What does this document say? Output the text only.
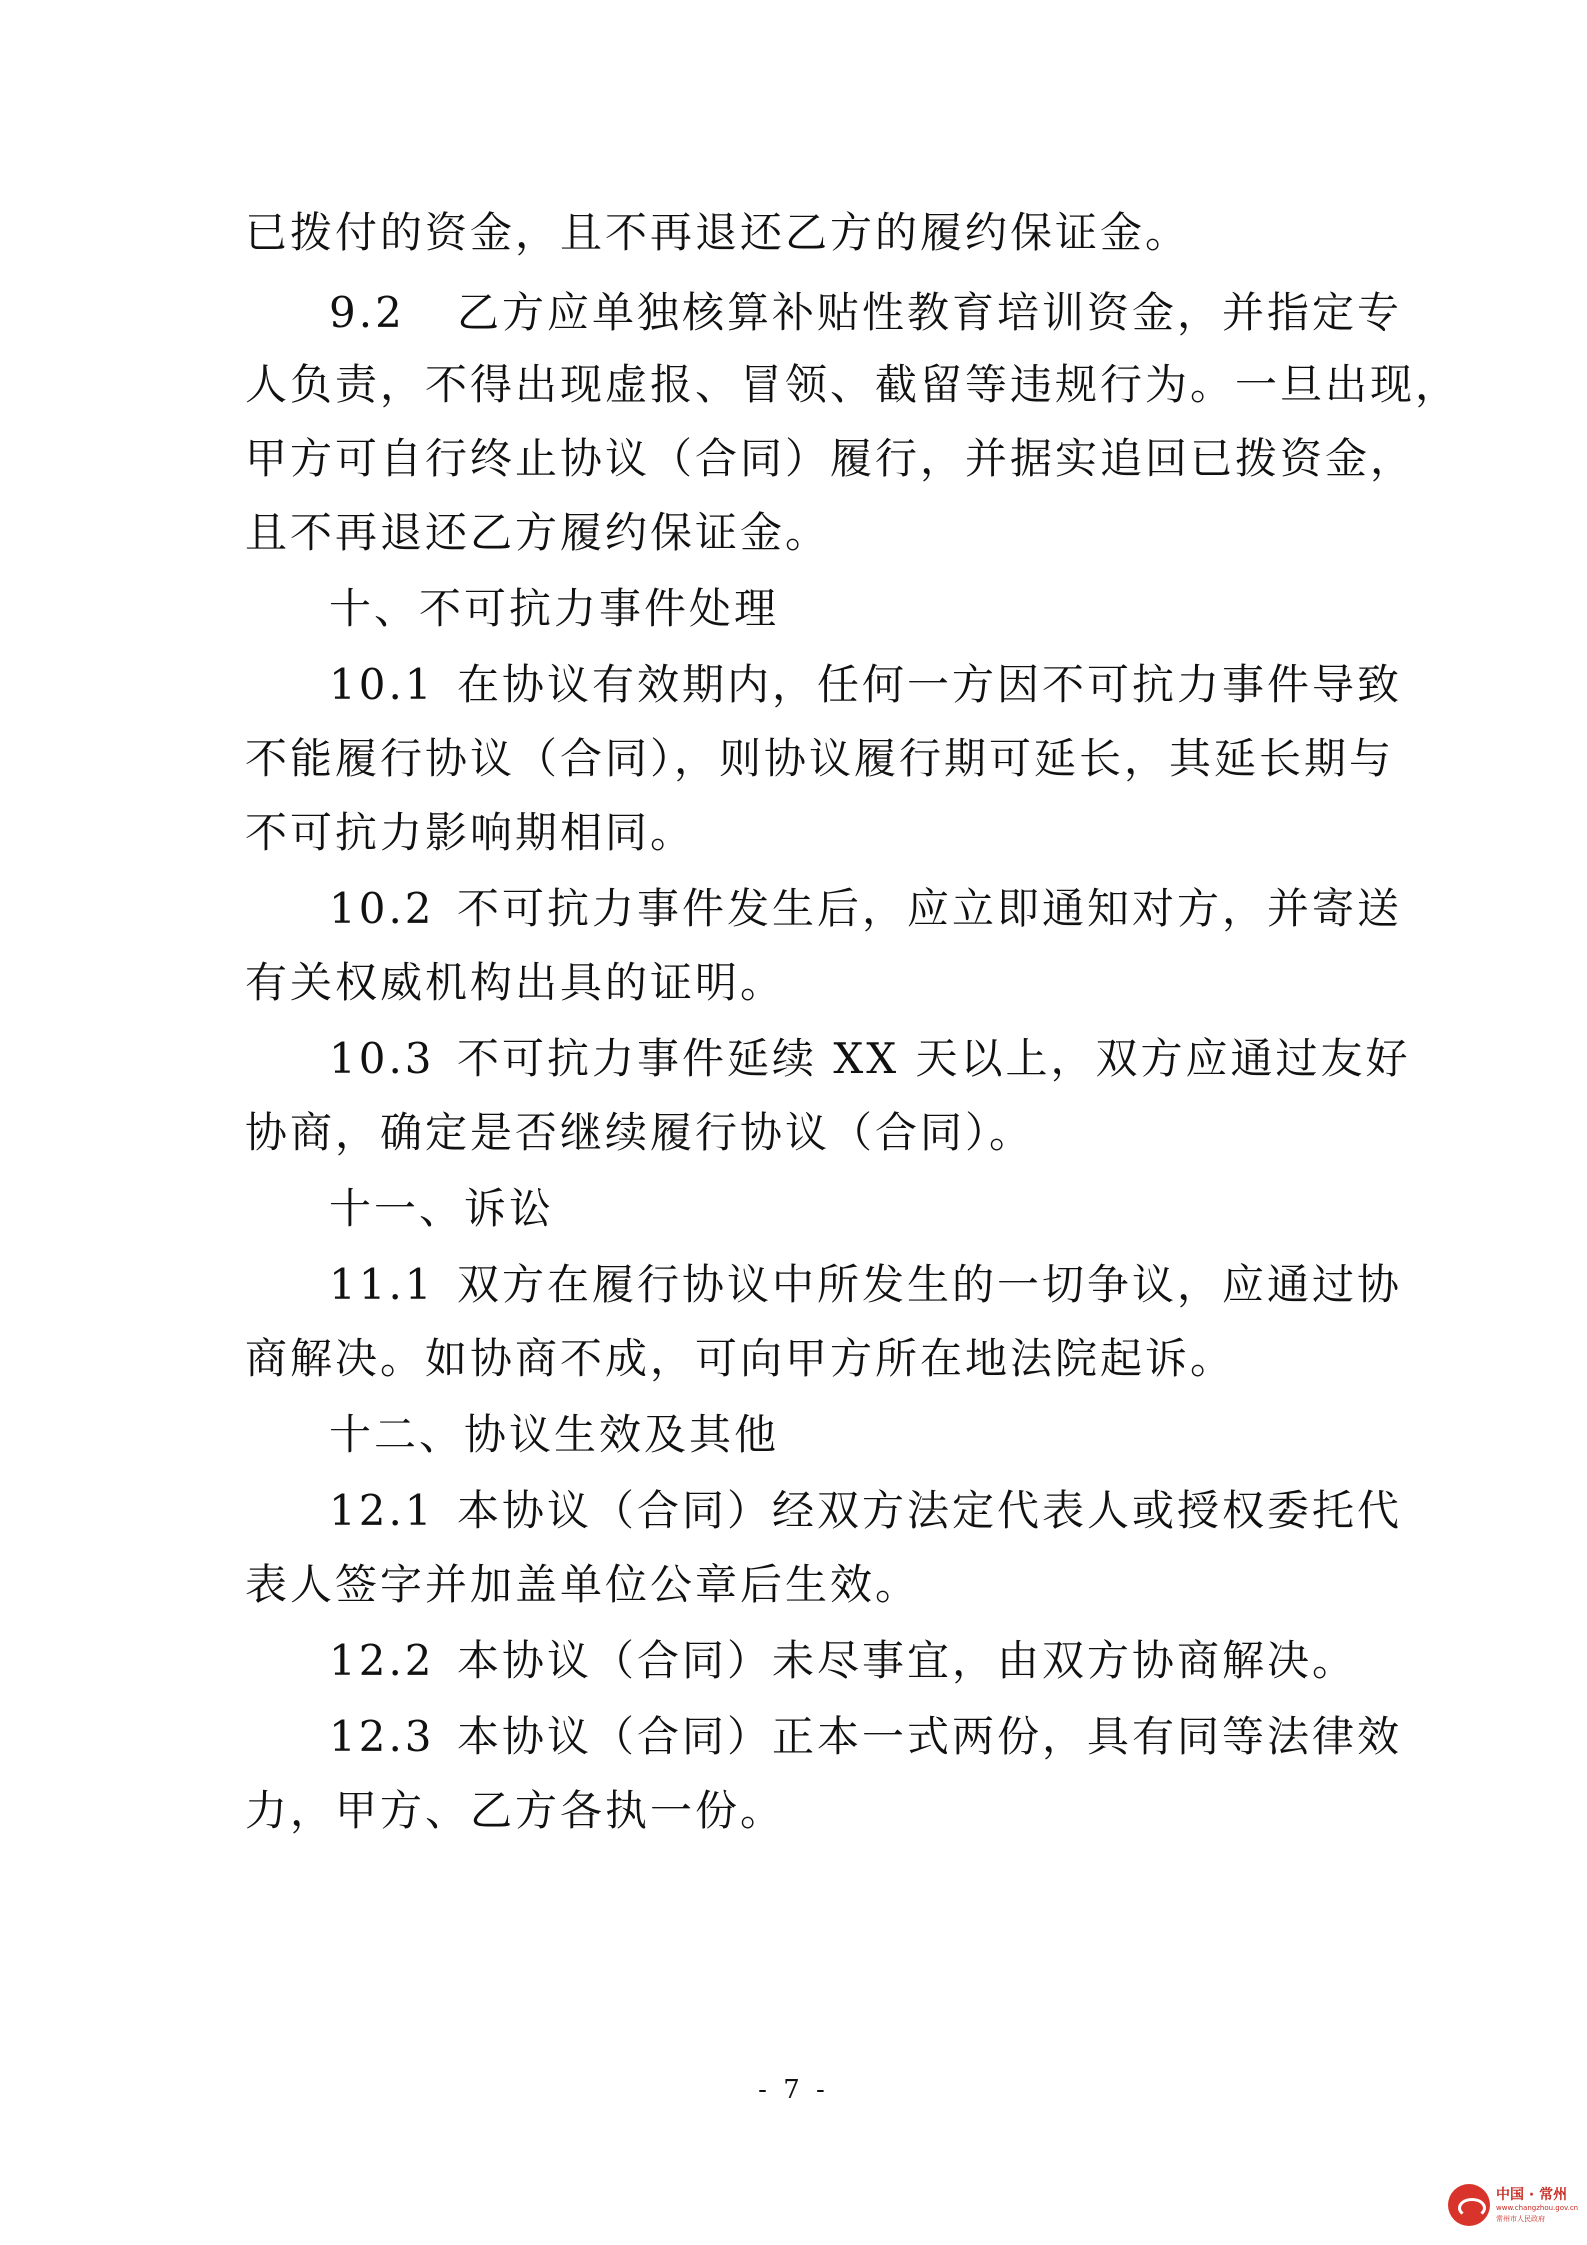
已拨付的资金，且不再退还乙方的履约保证金。
9.2 乙方应单独核算补贴性教育培训资金，并指定专
人负责，不得出现虚报、冒领、截留等违规行为。一旦出现，
甲方可自行终止协议（合同）履行，并据实追回已拨资金，
且不再退还乙方履约保证金。
十、不可抗力事件处理
10.1 在协议有效期内，任何一方因不可抗力事件导致
不能履行协议（合同），则协议履行期可延长，其延长期与
不可抗力影响期相同。
10.2 不可抗力事件发生后，应立即通知对方，并寄送
有关权威机构出具的证明。
10.3 不可抗力事件延续 XX 天以上，双方应通过友好
协商，确定是否继续履行协议（合同）。
十一、诉讼
11.1 双方在履行协议中所发生的一切争议，应通过协
商解决。如协商不成，可向甲方所在地法院起诉。
十二、协议生效及其他
12.1 本协议（合同）经双方法定代表人或授权委托代
表人签字并加盖单位公章后生效。
12.2 本协议（合同）未尽事宜，由双方协商解决。
12.3 本协议（合同）正本一式两份，具有同等法律效
力，甲方、乙方各执一份。
- 7 -
中国 · 常州
www.changzhou.gov.cn
常州市人民政府
